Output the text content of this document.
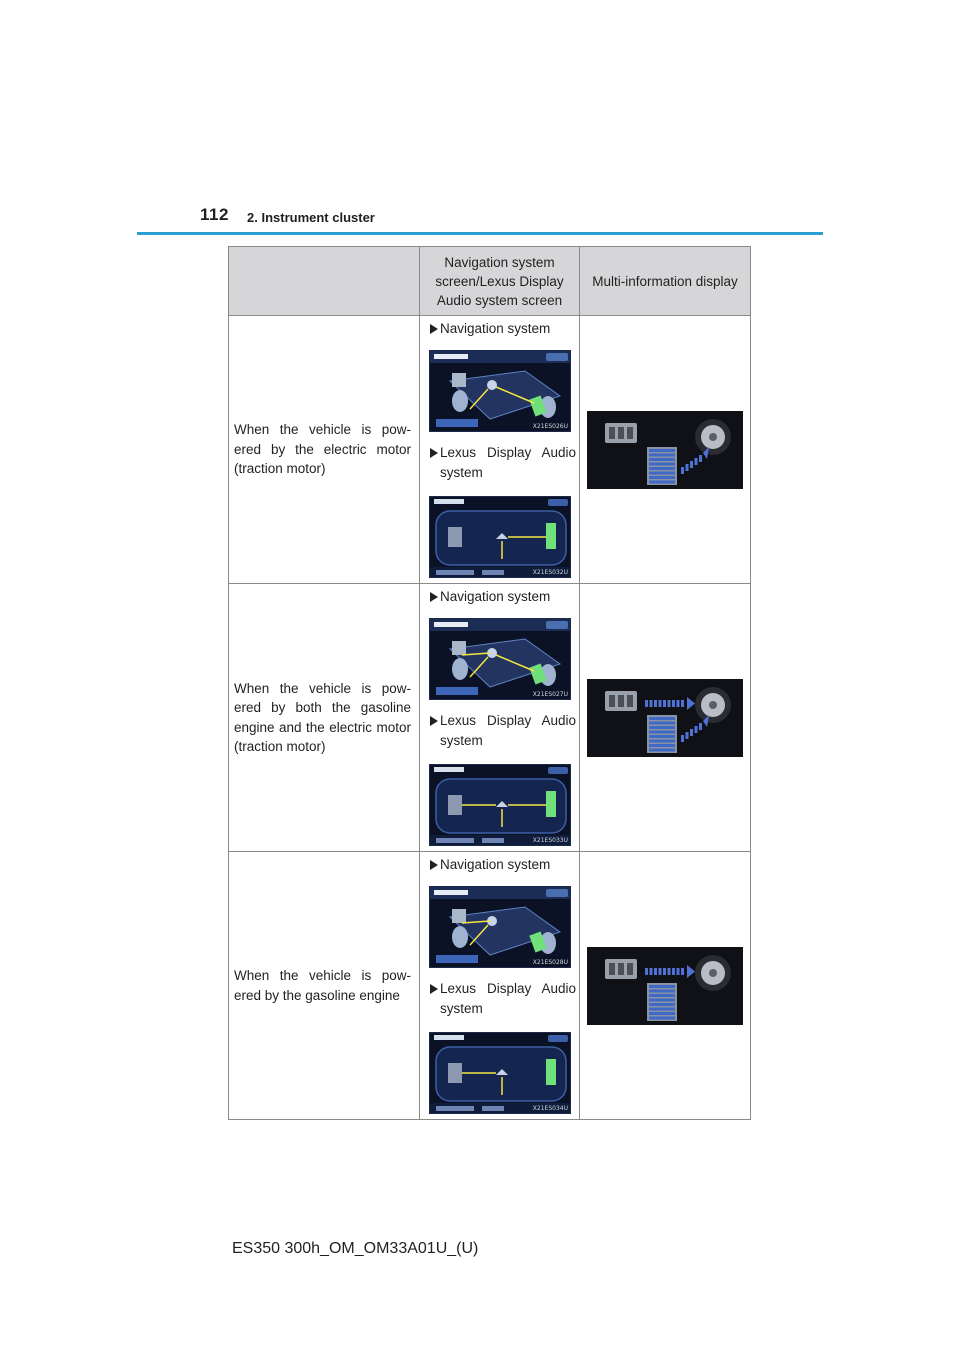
112 2. Instrument cluster
	Navigation system screen/Lexus Display Audio system screen	Multi-information display
When the vehicle is pow-ered by the electric motor (traction motor)	Navigation system
X21ES026U
Lexus Display Audio system
X21ES032U

When the vehicle is pow-ered by both the gasoline engine and the electric motor (traction motor)	Navigation system
X21ES027U
Lexus Display Audio system
X21ES033U

When the vehicle is pow-ered by the gasoline engine	Navigation system
X21ES028U
Lexus Display Audio system
X21ES034U

ES350 300h_OM_OM33A01U_(U)
